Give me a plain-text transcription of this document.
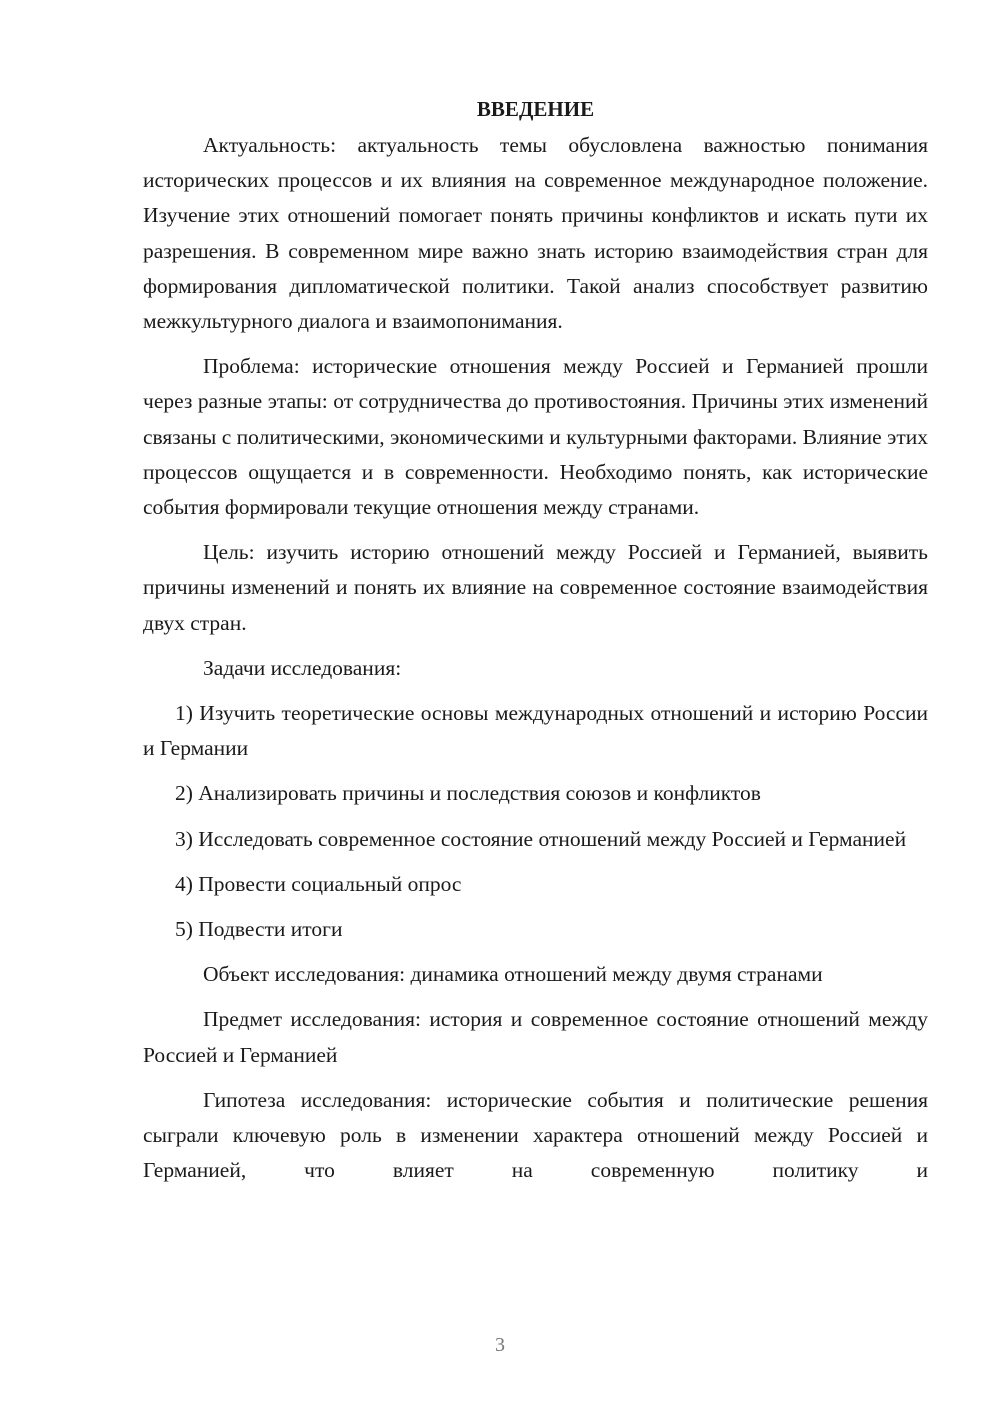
ВВЕДЕНИЕ

Актуальность: актуальность темы обусловлена важностью понимания исторических процессов и их влияния на современное международное положение. Изучение этих отношений помогает понять причины конфликтов и искать пути их разрешения. В современном мире важно знать историю взаимодействия стран для формирования дипломатической политики. Такой анализ способствует развитию межкультурного диалога и взаимопонимания.

Проблема: исторические отношения между Россией и Германией прошли через разные этапы: от сотрудничества до противостояния. Причины этих изменений связаны с политическими, экономическими и культурными факторами. Влияние этих процессов ощущается и в современности. Необходимо понять, как исторические события формировали текущие отношения между странами.

Цель: изучить историю отношений между Россией и Германией, выявить причины изменений и понять их влияние на современное состояние взаимодействия двух стран.

Задачи исследования:

1) Изучить теоретические основы международных отношений и историю России и Германии

2) Анализировать причины и последствия союзов и конфликтов

3) Исследовать современное состояние отношений между Россией и Германией

4) Провести социальный опрос

5) Подвести итоги

Объект исследования: динамика отношений между двумя странами

Предмет исследования: история и современное состояние отношений между Россией и Германией

Гипотеза исследования: исторические события и политические решения сыграли ключевую роль в изменении характера отношений между Россией и Германией, что влияет на современную политику и

3
